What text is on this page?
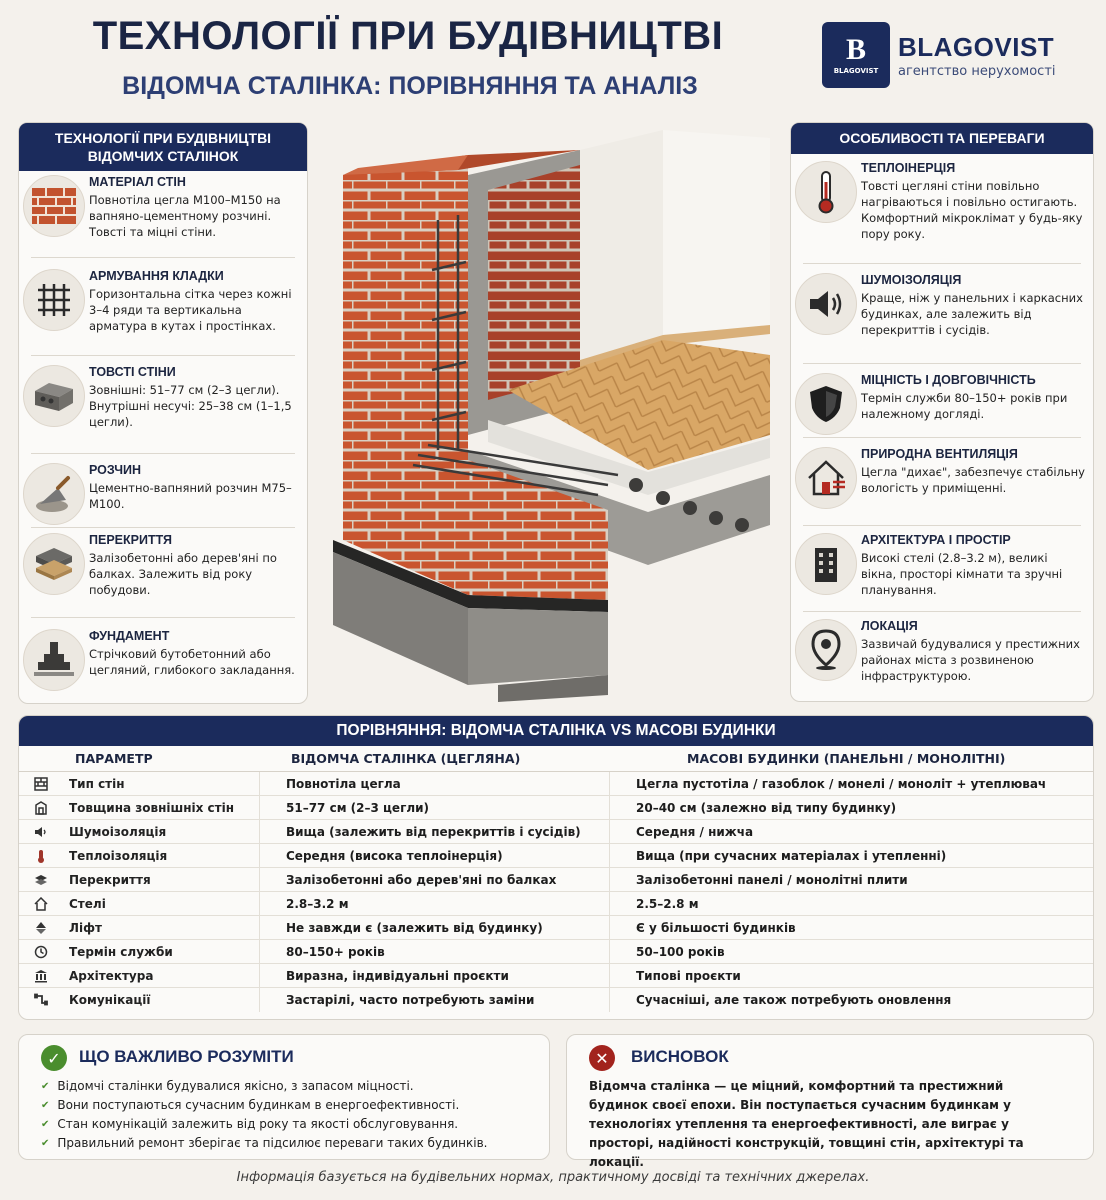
ТЕХНОЛОГІЇ ПРИ БУДІВНИЦТВІ
ВІДОМЧА СТАЛІНКА: ПОРІВНЯННЯ ТА АНАЛІЗ
B
BLAGOVIST
BLAGOVIST
агентство нерухомості
ТЕХНОЛОГІЇ ПРИ БУДІВНИЦТВІ
ВІДОМЧИХ СТАЛІНОК
МАТЕРІАЛ СТІН

Повнотіла цегла М100–М150 на вапняно-цементному розчині. Товсті та міцні стіни.

АРМУВАННЯ КЛАДКИ

Горизонтальна сітка через кожні 3–4 ряди та вертикальна арматура в кутах і простінках.

ТОВСТІ СТІНИ

Зовнішні: 51–77 см (2–3 цегли). Внутрішні несучі: 25–38 см (1–1,5 цегли).

РОЗЧИН

Цементно-вапняний розчин М75–М100.

ПЕРЕКРИТТЯ

Залізобетонні або дерев'яні по балках. Залежить від року побудови.

ФУНДАМЕНТ

Стрічковий бутобетонний або цегляний, глибокого закладання.

ОСОБЛИВОСТІ ТА ПЕРЕВАГИ
ТЕПЛОІНЕРЦІЯ

Товсті цегляні стіни повільно нагріваються і повільно остигають. Комфортний мікроклімат у будь-яку пору року.

ШУМОІЗОЛЯЦІЯ

Краще, ніж у панельних і каркасних будинках, але залежить від перекриттів і сусідів.

МІЦНІСТЬ І ДОВГОВІЧНІСТЬ

Термін служби 80–150+ років при належному догляді.

ПРИРОДНА ВЕНТИЛЯЦІЯ

Цегла "дихає", забезпечує стабільну вологість у приміщенні.

АРХІТЕКТУРА І ПРОСТІР

Високі стелі (2.8–3.2 м), великі вікна, просторі кімнати та зручні планування.

ЛОКАЦІЯ

Зазвичай будувалися у престижних районах міста з розвиненою інфраструктурою.

ПОРІВНЯННЯ: ВІДОМЧА СТАЛІНКА VS МАСОВІ БУДИНКИ
ПАРАМЕТР	ВІДОМЧА СТАЛІНКА (ЦЕГЛЯНА)	МАСОВІ БУДИНКИ (ПАНЕЛЬНІ / МОНОЛІТНІ)
Тип стін	Повнотіла цегла	Цегла пустотіла / газоблок / монелі / моноліт + утеплювач
Товщина зовнішніх стін	51–77 см (2–3 цегли)	20–40 см (залежно від типу будинку)
Шумоізоляція	Вища (залежить від перекриттів і сусідів)	Середня / нижча
Теплоізоляція	Середня (висока теплоінерція)	Вища (при сучасних матеріалах і утепленні)
Перекриття	Залізобетонні або дерев'яні по балках	Залізобетонні панелі / монолітні плити
Стелі	2.8–3.2 м	2.5–2.8 м
Ліфт	Не завжди є (залежить від будинку)	Є у більшості будинків
Термін служби	80–150+ років	50–100 років
Архітектура	Виразна, індивідуальні проєкти	Типові проєкти
Комунікації	Застарілі, часто потребують заміни	Сучасніші, але також потребують оновлення
✓	ЩО ВАЖЛИВО РОЗУМІТИ
✔ Відомчі сталінки будувалися якісно, з запасом міцності.
✔ Вони поступаються сучасним будинкам в енергоефективності.
✔ Стан комунікацій залежить від року та якості обслуговування.
✔ Правильний ремонт зберігає та підсилює переваги таких будинків.
✕	ВИСНОВОК
Відомча сталінка — це міцний, комфортний та престижний будинок своєї епохи. Він поступається сучасним будинкам у технологіях утеплення та енергоефективності, але виграє у просторі, надійності конструкцій, товщині стін, архітектурі та локації.
Інформація базується на будівельних нормах, практичному досвіді та технічних джерелах.
